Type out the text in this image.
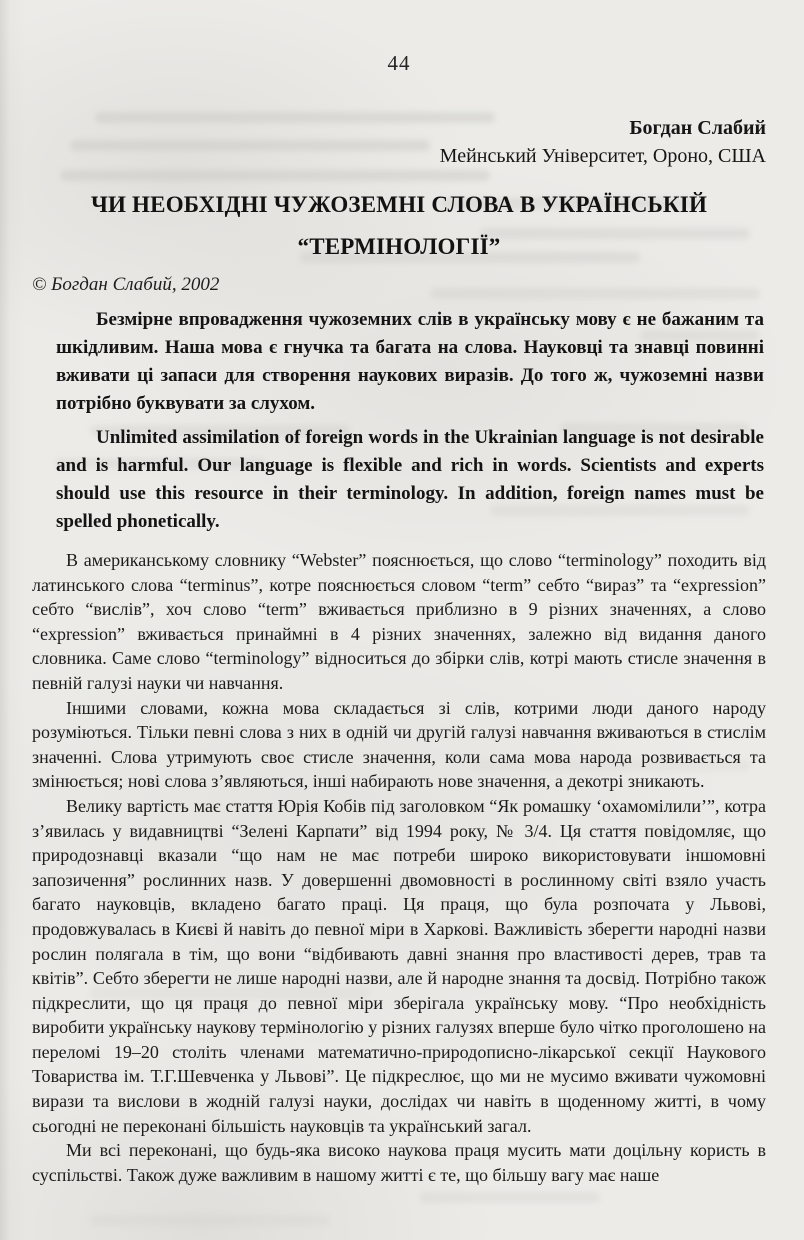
44
Богдан Слабий
Мейнський Університет, Ороно, США
ЧИ НЕОБХІДНІ ЧУЖОЗЕМНІ СЛОВА В УКРАЇНСЬКІЙ
“ТЕРМІНОЛОГІЇ”
© Богдан Слабий, 2002

Безмірне впровадження чужоземних слів в українську мову є не бажаним та шкідливим. Наша мова є гнучка та багата на слова. Науковці та знавці повинні вживати ці запаси для створення наукових виразів. До того ж, чужоземні назви потрібно буквувати за слухом.

Unlimited assimilation of foreign words in the Ukrainian language is not desirable and is harmful. Our language is flexible and rich in words. Scientists and experts should use this resource in their terminology. In addition, foreign names must be spelled phonetically.

В американському словнику “Webster” пояснюється, що слово “terminology” походить від латинського слова “terminus”, котре пояснюється словом “term” себто “вираз” та “expression” себто “вислів”, хоч слово “term” вживається приблизно в 9 різних значеннях, а слово “expression” вживається принаймні в 4 різних значеннях, залежно від видання даного словника. Саме слово “terminology” відноситься до збірки слів, котрі мають стисле значення в певній галузі науки чи навчання.

Іншими словами, кожна мова складається зі слів, котрими люди даного народу розуміються. Тільки певні слова з них в одній чи другій галузі навчання вживаються в стислім значенні. Слова утримують своє стисле значення, коли сама мова народа розвивається та змінюється; нові слова з’являються, інші набирають нове значення, а декотрі зникають.

Велику вартість має стаття Юрія Кобів під заголовком “Як ромашку ‘охамомілили’”, котра з’явилась у видавництві “Зелені Карпати” від 1994 року, № 3/4. Ця стаття повідомляє, що природознавці вказали “що нам не має потреби широко використовувати іншомовні запозичення” рослинних назв. У довершенні двомовності в рослинному світі взяло участь багато науковців, вкладено багато праці. Ця праця, що була розпочата у Львові, продовжувалась в Києві й навіть до певної міри в Харкові. Важливість зберегти народні назви рослин полягала в тім, що вони “відбивають давні знання про властивості дерев, трав та квітів”. Себто зберегти не лише народні назви, але й народне знання та досвід. Потрібно також підкреслити, що ця праця до певної міри зберігала українську мову. “Про необхідність виробити українську наукову термінологію у різних галузях вперше було чітко проголошено на переломі 19–20 століть членами математично-природописно-лікарської секції Наукового Товариства ім. Т.Г.Шевченка у Львові”. Це підкреслює, що ми не мусимо вживати чужомовні вирази та вислови в жодній галузі науки, дослідах чи навіть в щоденному житті, в чому сьогодні не переконані більшість науковців та український загал.

Ми всі переконані, що будь-яка високо наукова праця мусить мати доцільну користь в суспільстві. Також дуже важливим в нашому житті є те, що більшу вагу має наше
